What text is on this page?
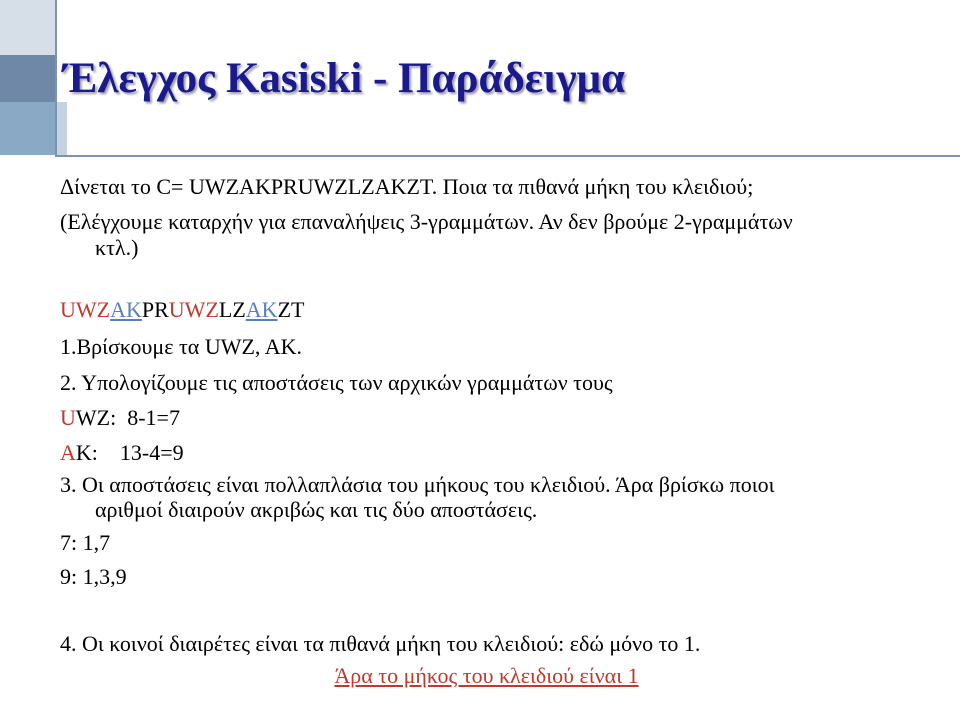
Έλεγχος Kasiski - Παράδειγμα
Δίνεται το C= UWZAKPRUWZLZAKZT. Ποια τα πιθανά μήκη του κλειδιού;
(Ελέγχουμε καταρχήν για επαναλήψεις 3-γραμμάτων. Αν δεν βρούμε 2-γραμμάτων
κτλ.)
UWZAKPRUWZLZAKZT
1.Βρίσκουμε τα UWZ, AK.
2. Υπολογίζουμε τις αποστάσεις των αρχικών γραμμάτων τους
UWZ:  8-1=7
AK:    13-4=9
3. Οι αποστάσεις είναι πολλαπλάσια του μήκους του κλειδιού. Άρα βρίσκω ποιοι
αριθμοί διαιρούν ακριβώς και τις δύο αποστάσεις.
7: 1,7
9: 1,3,9
4. Οι κοινοί διαιρέτες είναι τα πιθανά μήκη του κλειδιού: εδώ μόνο το 1.
Άρα το μήκος του κλειδιού είναι 1
